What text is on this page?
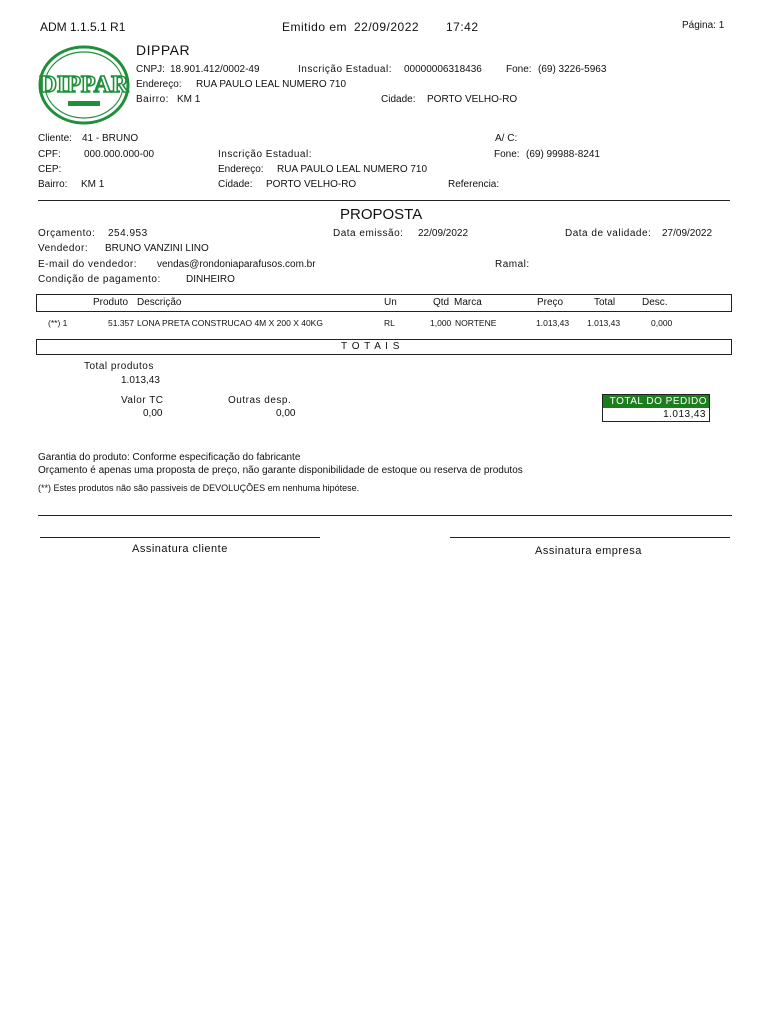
ADM 1.1.5.1 R1	Emitido em 22/09/2022 17:42	Página: 1
DIPPAR
DIPPAR
CNPJ: 18.901.412/0002-49	Inscrição Estadual: 00000006318436 Fone: (69) 3226-5963
Endereço: RUA PAULO LEAL NUMERO 710
Bairro: KM 1	Cidade: PORTO VELHO-RO
Cliente: 41 - BRUNO	A/ C:
CPF: 000.000.000-00	Inscrição Estadual:	Fone: (69) 99988-8241
CEP:	Endereço: RUA PAULO LEAL NUMERO 710
Bairro: KM 1	Cidade: PORTO VELHO-RO	Referencia:
PROPOSTA
Orçamento: 254.953	Data emissão: 22/09/2022	Data de validade: 27/09/2022
Vendedor: BRUNO VANZINI LINO
E-mail do vendedor: vendas@rondoniaparafusos.com.br	Ramal:
Condição de pagamento:	DINHEIRO
Produto Descrição	Un	Qtd Marca	Preço	Total	Desc.
(**) 1	51.357 LONA PRETA CONSTRUCAO 4M X 200 X 40KG	RL	1,000 NORTENE	1.013,43 1.013,43	0,000
T O T A I S
Total produtos
1.013,43
Valor TC
0,00
Outras desp.
0,00
TOTAL DO PEDIDO
1.013,43
Garantia do produto: Conforme especificação do fabricante
Orçamento é apenas uma proposta de preço, não garante disponibilidade de estoque ou reserva de produtos
(**) Estes produtos não são passiveis de DEVOLUÇÕES em nenhuma hipótese.
Assinatura cliente	Assinatura empresa
